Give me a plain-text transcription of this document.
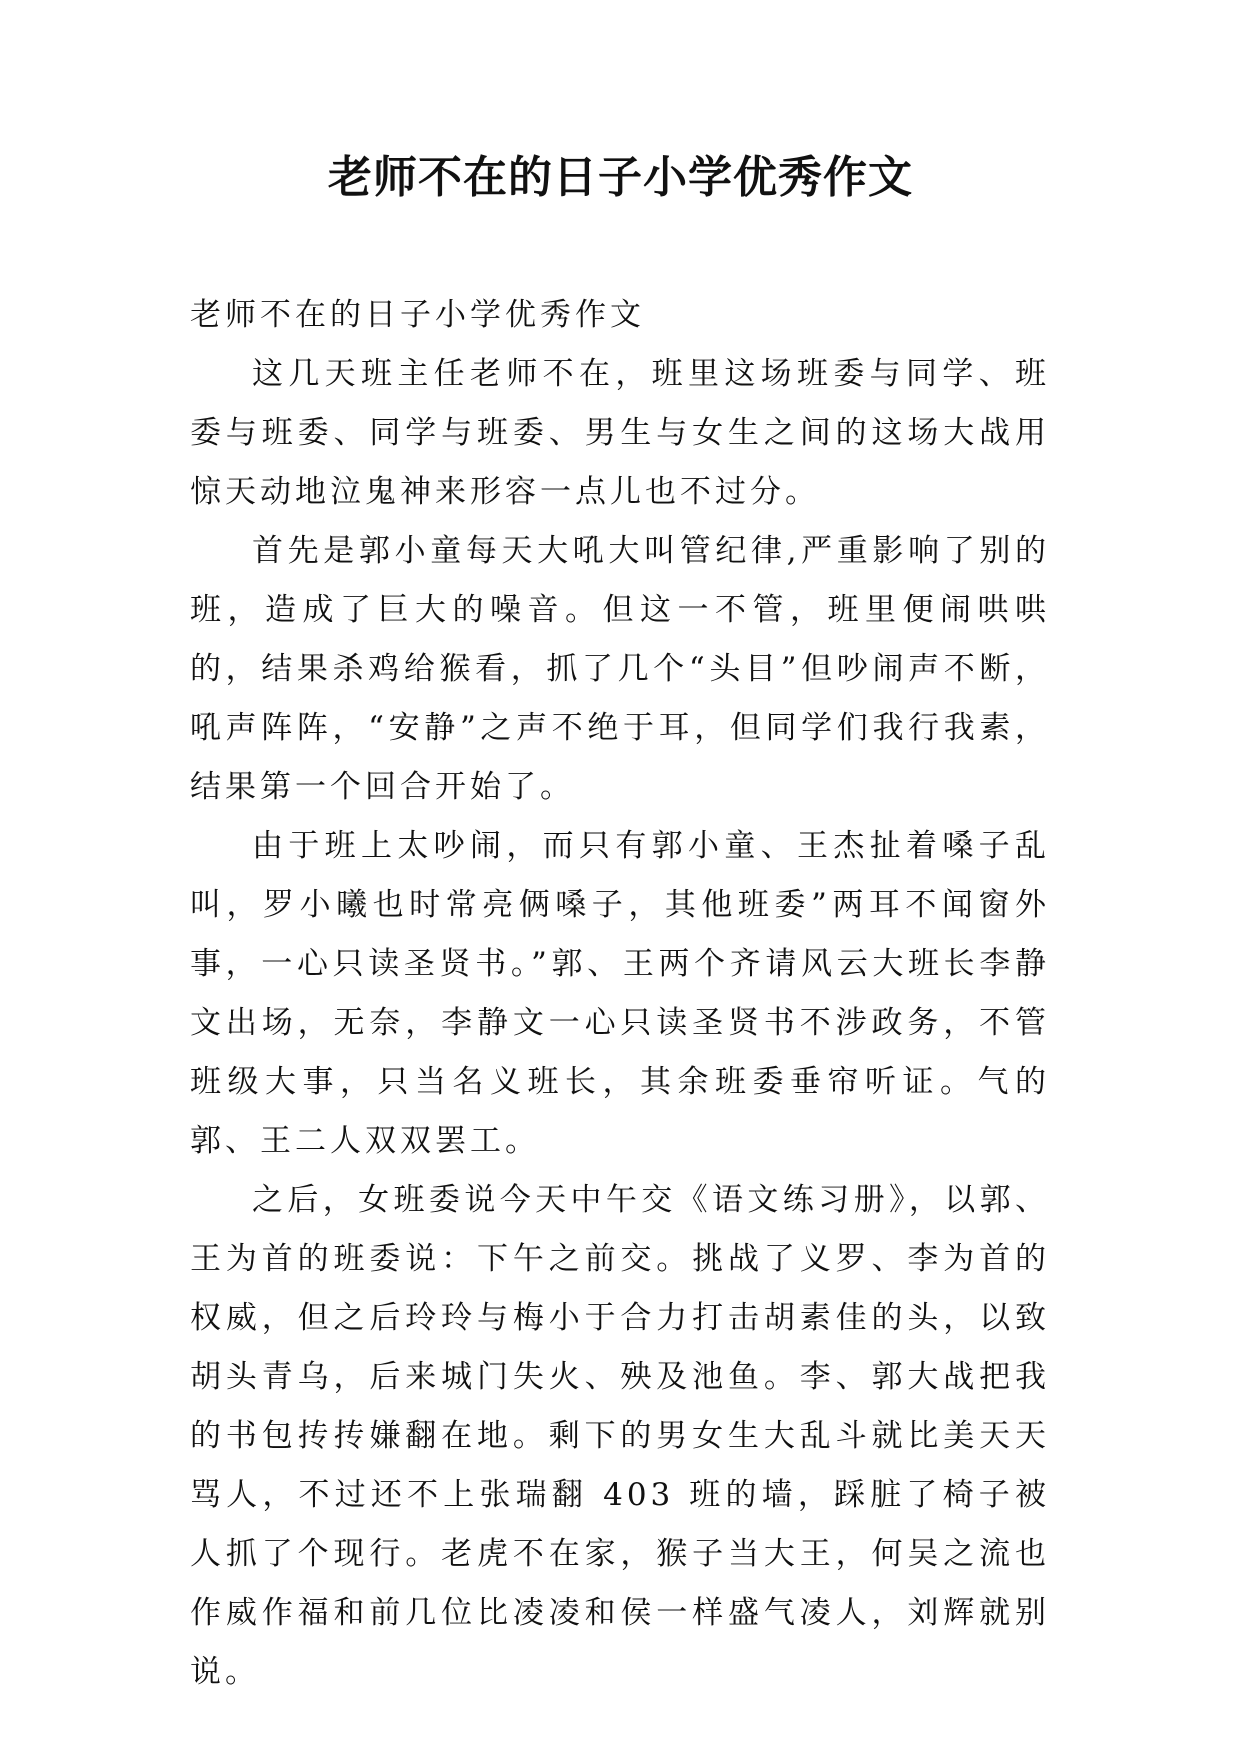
老师不在的日子小学优秀作文

老师不在的日子小学优秀作文

这几天班主任老师不在，班里这场班委与同学、班委与班委、同学与班委、男生与女生之间的这场大战用惊天动地泣鬼神来形容一点儿也不过分。

首先是郭小童每天大吼大叫管纪律,严重影响了别的班，造成了巨大的噪音。但这一不管，班里便闹哄哄的，结果杀鸡给猴看，抓了几个“头目”但吵闹声不断，吼声阵阵，“安静”之声不绝于耳，但同学们我行我素，结果第一个回合开始了。

由于班上太吵闹，而只有郭小童、王杰扯着嗓子乱叫，罗小曦也时常亮俩嗓子，其他班委”两耳不闻窗外事，一心只读圣贤书。”郭、王两个齐请风云大班长李静文出场，无奈，李静文一心只读圣贤书不涉政务，不管班级大事，只当名义班长，其余班委垂帘听证。气的郭、王二人双双罢工。

之后，女班委说今天中午交《语文练习册》，以郭、王为首的班委说：下午之前交。挑战了义罗、李为首的权威，但之后玲玲与梅小于合力打击胡素佳的头，以致胡头青乌，后来城门失火、殃及池鱼。李、郭大战把我的书包抟抟嫌翻在地。剩下的男女生大乱斗就比美天天骂人，不过还不上张瑞翻 403 班的墙，踩脏了椅子被人抓了个现行。老虎不在家，猴子当大王，何吴之流也作威作福和前几位比凌凌和侯一样盛气凌人，刘辉就别说。
